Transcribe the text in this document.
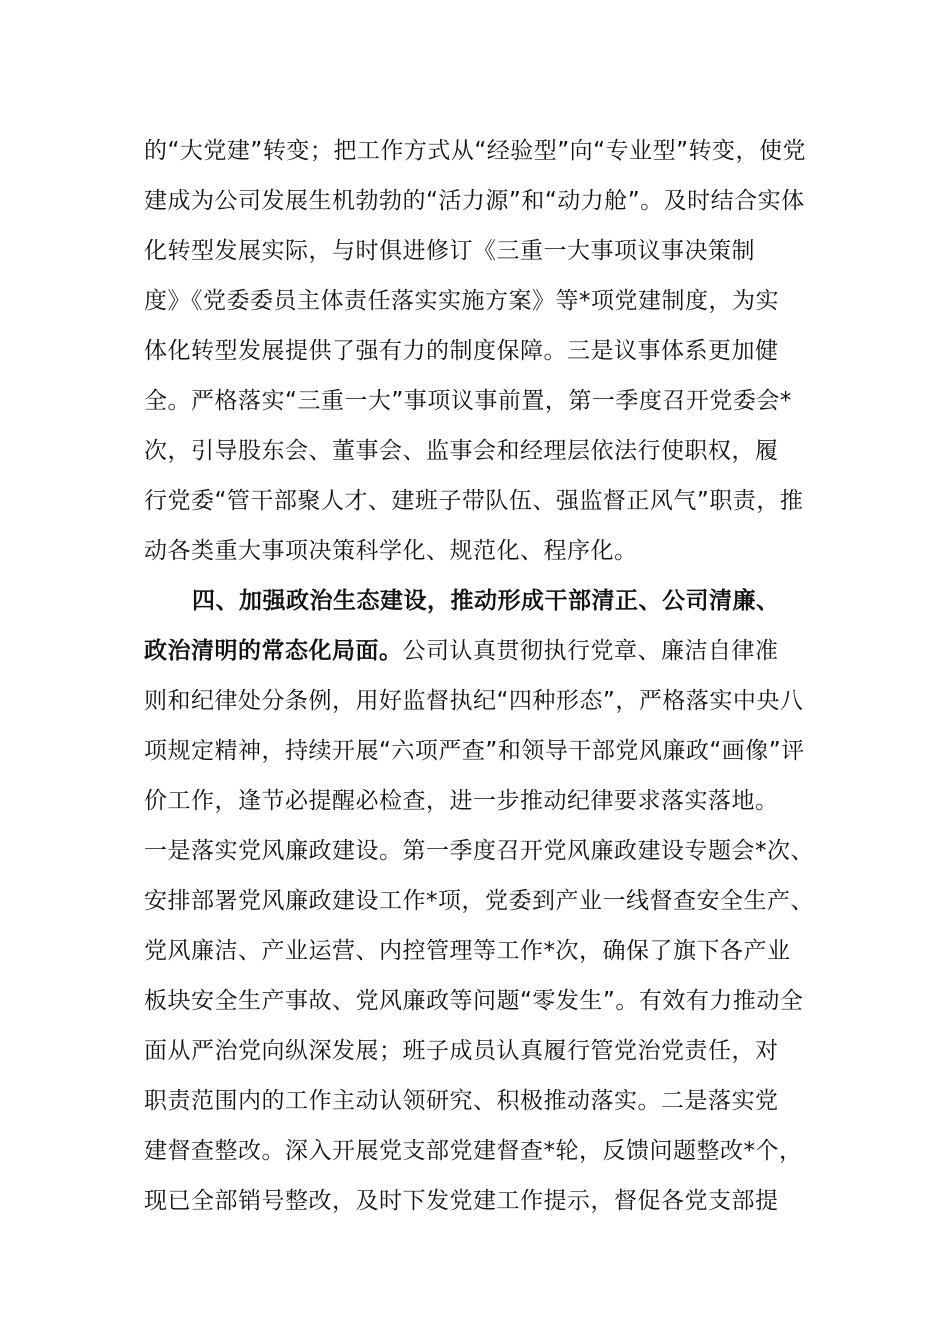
的“大党建”转变；把工作方式从“经验型”向“专业型”转变，使党
建成为公司发展生机勃勃的“活力源”和“动力舱”。及时结合实体
化转型发展实际，与时俱进修订《三重一大事项议事决策制
度》《党委委员主体责任落实实施方案》等*项党建制度，为实
体化转型发展提供了强有力的制度保障。三是议事体系更加健
全。严格落实“三重一大”事项议事前置，第一季度召开党委会*
次，引导股东会、董事会、监事会和经理层依法行使职权，履
行党委“管干部聚人才、建班子带队伍、强监督正风气”职责，推
动各类重大事项决策科学化、规范化、程序化。
四、加强政治生态建设，推动形成干部清正、公司清廉、
政治清明的常态化局面。公司认真贯彻执行党章、廉洁自律准
则和纪律处分条例，用好监督执纪“四种形态”，严格落实中央八
项规定精神，持续开展“六项严查”和领导干部党风廉政“画像”评
价工作，逢节必提醒必检查，进一步推动纪律要求落实落地。
一是落实党风廉政建设。第一季度召开党风廉政建设专题会*次、
安排部署党风廉政建设工作*项，党委到产业一线督查安全生产、
党风廉洁、产业运营、内控管理等工作*次，确保了旗下各产业
板块安全生产事故、党风廉政等问题“零发生”。有效有力推动全
面从严治党向纵深发展；班子成员认真履行管党治党责任，对
职责范围内的工作主动认领研究、积极推动落实。二是落实党
建督查整改。深入开展党支部党建督查*轮，反馈问题整改*个，
现已全部销号整改，及时下发党建工作提示，督促各党支部提
